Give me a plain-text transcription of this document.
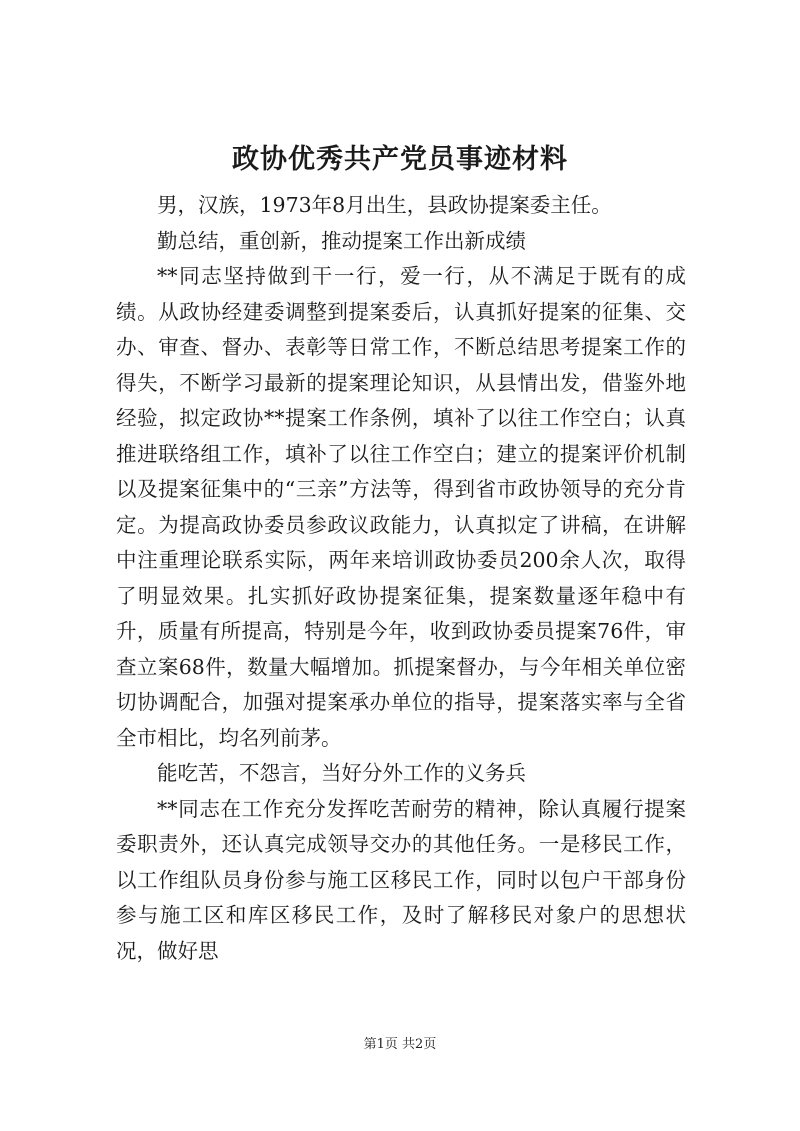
政协优秀共产党员事迹材料

男，汉族，1973年8月出生，县政协提案委主任。

勤总结，重创新，推动提案工作出新成绩

**同志坚持做到干一行，爱一行，从不满足于既有的成绩。从政协经建委调整到提案委后，认真抓好提案的征集、交办、审查、督办、表彰等日常工作，不断总结思考提案工作的得失，不断学习最新的提案理论知识，从县情出发，借鉴外地经验，拟定政协**提案工作条例，填补了以往工作空白；认真推进联络组工作，填补了以往工作空白；建立的提案评价机制以及提案征集中的“三亲”方法等，得到省市政协领导的充分肯定。为提高政协委员参政议政能力，认真拟定了讲稿，在讲解中注重理论联系实际，两年来培训政协委员200余人次，取得了明显效果。扎实抓好政协提案征集，提案数量逐年稳中有升，质量有所提高，特别是今年，收到政协委员提案76件，审查立案68件，数量大幅增加。抓提案督办，与今年相关单位密切协调配合，加强对提案承办单位的指导，提案落实率与全省全市相比，均名列前茅。

能吃苦，不怨言，当好分外工作的义务兵

**同志在工作充分发挥吃苦耐劳的精神，除认真履行提案委职责外，还认真完成领导交办的其他任务。一是移民工作，以工作组队员身份参与施工区移民工作，同时以包户干部身份参与施工区和库区移民工作，及时了解移民对象户的思想状况，做好思

第1页 共2页
